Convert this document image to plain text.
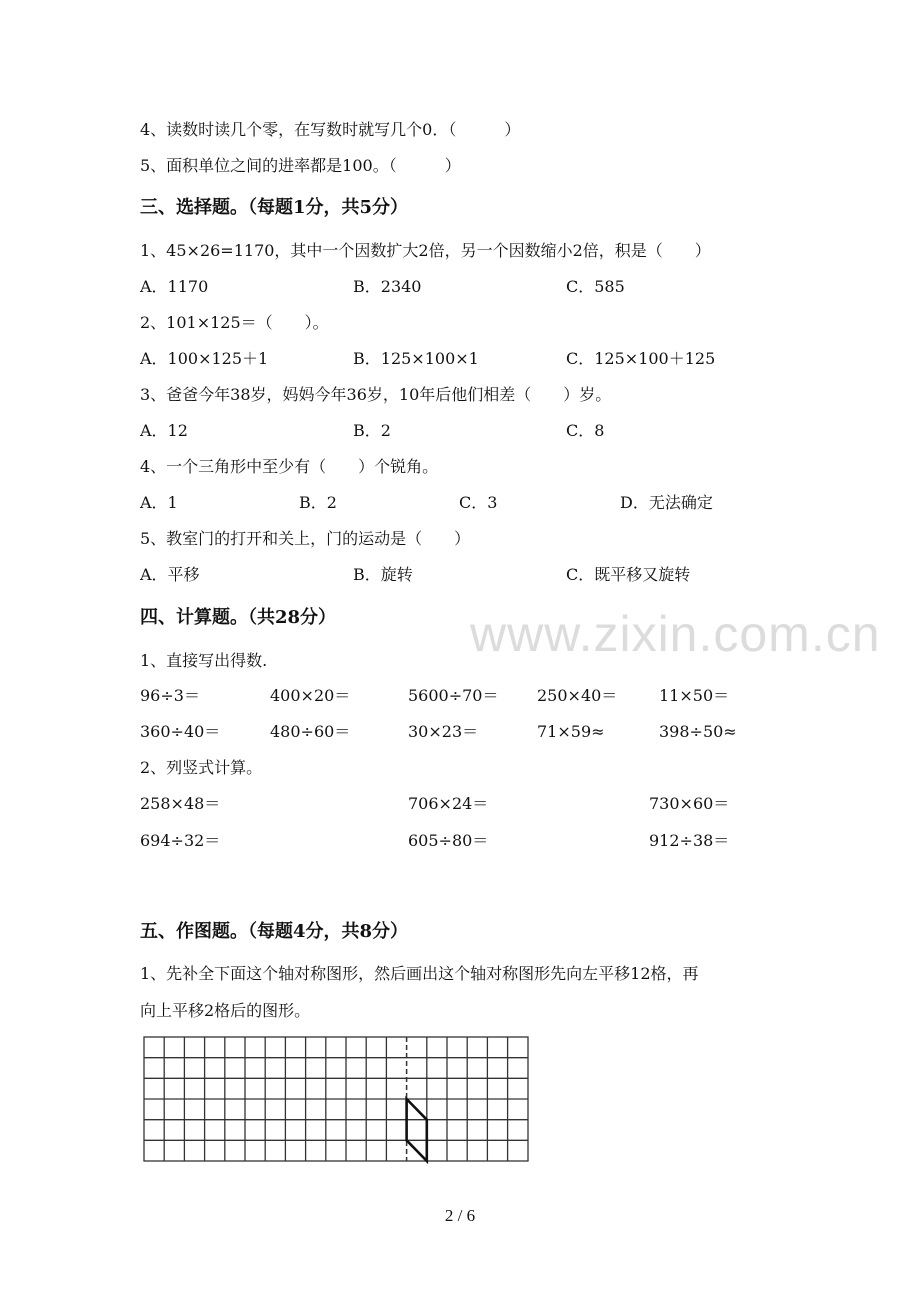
www.zixin.com.cn
4、读数时读几个零，在写数时就写几个0．（　　　）
5、面积单位之间的进率都是100。（　　　）
三、选择题。（每题1分，共5分）
1、45×26=1170，其中一个因数扩大2倍，另一个因数缩小2倍，积是（　　）
A．1170	B．2340	C．585
2、101×125＝（　　）。
A．100×125＋1	B．125×100×1	C．125×100＋125
3、爸爸今年38岁，妈妈今年36岁，10年后他们相差（　　）岁。
A．12	B．2	C．8
4、一个三角形中至少有（　　）个锐角。
A．1	B．2	C．3	D．无法确定
5、教室门的打开和关上，门的运动是（　　）
A．平移	B．旋转	C．既平移又旋转
四、计算题。（共28分）
1、直接写出得数.
96÷3＝	400×20＝	5600÷70＝ 250×40＝	11×50＝
360÷40＝	480÷60＝	30×23＝	71×59≈	398÷50≈
2、列竖式计算。
258×48＝	706×24＝	730×60＝
694÷32＝	605÷80＝	912÷38＝
五、作图题。（每题4分，共8分）
1、先补全下面这个轴对称图形，然后画出这个轴对称图形先向左平移12格，再
向上平移2格后的图形。
2 / 6
